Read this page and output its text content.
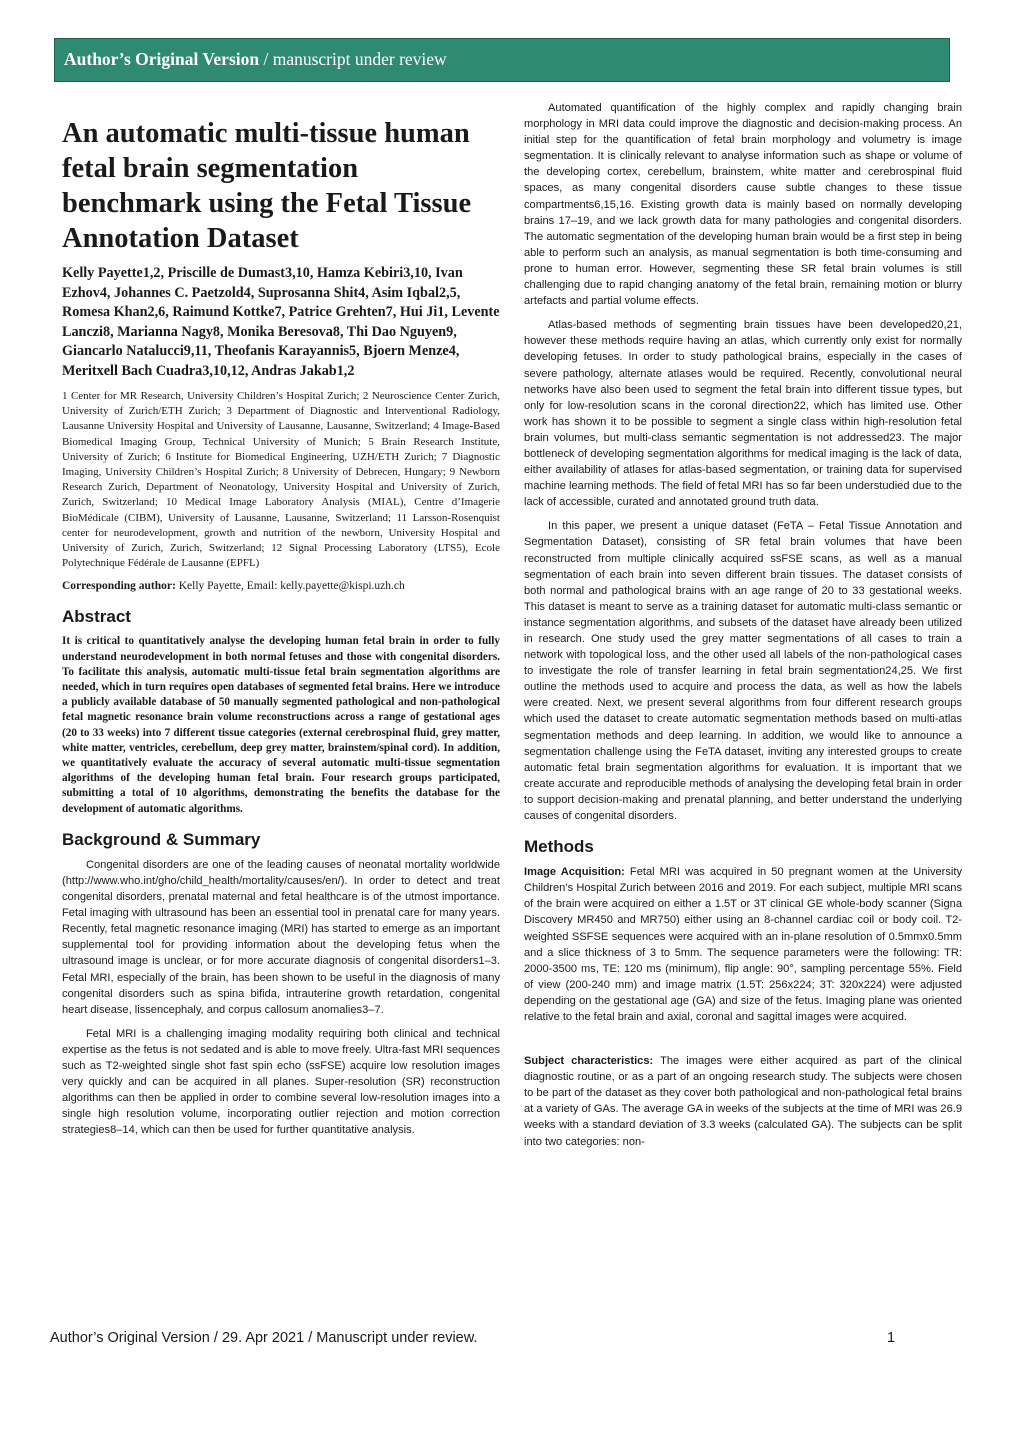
Author’s Original Version / manuscript under review
An automatic multi-tissue human fetal brain segmentation benchmark using the Fetal Tissue Annotation Dataset
Kelly Payette1,2, Priscille de Dumast3,10, Hamza Kebiri3,10, Ivan Ezhov4, Johannes C. Paetzold4, Suprosanna Shit4, Asim Iqbal2,5, Romesa Khan2,6, Raimund Kottke7, Patrice Grehten7, Hui Ji1, Levente Lanczi8, Marianna Nagy8, Monika Beresova8, Thi Dao Nguyen9, Giancarlo Natalucci9,11, Theofanis Karayannis5, Bjoern Menze4, Meritxell Bach Cuadra3,10,12, Andras Jakab1,2
1 Center for MR Research, University Children’s Hospital Zurich; 2 Neuroscience Center Zurich, University of Zurich/ETH Zurich; 3 Department of Diagnostic and Interventional Radiology, Lausanne University Hospital and University of Lausanne, Lausanne, Switzerland; 4 Image-Based Biomedical Imaging Group, Technical University of Munich; 5 Brain Research Institute, University of Zurich; 6 Institute for Biomedical Engineering, UZH/ETH Zurich; 7 Diagnostic Imaging, University Children’s Hospital Zurich; 8 University of Debrecen, Hungary; 9 Newborn Research Zurich, Department of Neonatology, University Hospital and University of Zurich, Zurich, Switzerland; 10 Medical Image Laboratory Analysis (MIAL), Centre d’Imagerie BioMédicale (CIBM), University of Lausanne, Lausanne, Switzerland; 11 Larsson-Rosenquist center for neurodevelopment, growth and nutrition of the newborn, University Hospital and University of Zurich, Zurich, Switzerland; 12 Signal Processing Laboratory (LTS5), Ecole Polytechnique Fédérale de Lausanne (EPFL)
Corresponding author: Kelly Payette, Email: kelly.payette@kispi.uzh.ch
Abstract
It is critical to quantitatively analyse the developing human fetal brain in order to fully understand neurodevelopment in both normal fetuses and those with congenital disorders. To facilitate this analysis, automatic multi-tissue fetal brain segmentation algorithms are needed, which in turn requires open databases of segmented fetal brains. Here we introduce a publicly available database of 50 manually segmented pathological and non-pathological fetal magnetic resonance brain volume reconstructions across a range of gestational ages (20 to 33 weeks) into 7 different tissue categories (external cerebrospinal fluid, grey matter, white matter, ventricles, cerebellum, deep grey matter, brainstem/spinal cord). In addition, we quantitatively evaluate the accuracy of several automatic multi-tissue segmentation algorithms of the developing human fetal brain. Four research groups participated, submitting a total of 10 algorithms, demonstrating the benefits the database for the development of automatic algorithms.
Background & Summary

Congenital disorders are one of the leading causes of neonatal mortality worldwide (http://www.who.int/gho/child_health/mortality/causes/en/). In order to detect and treat congenital disorders, prenatal maternal and fetal healthcare is of the utmost importance. Fetal imaging with ultrasound has been an essential tool in prenatal care for many years. Recently, fetal magnetic resonance imaging (MRI) has started to emerge as an important supplemental tool for providing information about the developing fetus when the ultrasound image is unclear, or for more accurate diagnosis of congenital disorders1–3. Fetal MRI, especially of the brain, has been shown to be useful in the diagnosis of many congenital disorders such as spina bifida, intrauterine growth retardation, congenital heart disease, lissencephaly, and corpus callosum anomalies3–7.

Fetal MRI is a challenging imaging modality requiring both clinical and technical expertise as the fetus is not sedated and is able to move freely. Ultra-fast MRI sequences such as T2-weighted single shot fast spin echo (ssFSE) acquire low resolution images very quickly and can be acquired in all planes. Super-resolution (SR) reconstruction algorithms can then be applied in order to combine several low-resolution images into a single high resolution volume, incorporating outlier rejection and motion correction strategies8–14, which can then be used for further quantitative analysis.

Automated quantification of the highly complex and rapidly changing brain morphology in MRI data could improve the diagnostic and decision-making process. An initial step for the quantification of fetal brain morphology and volumetry is image segmentation. It is clinically relevant to analyse information such as shape or volume of the developing cortex, cerebellum, brainstem, white matter and cerebrospinal fluid spaces, as many congenital disorders cause subtle changes to these tissue compartments6,15,16. Existing growth data is mainly based on normally developing brains 17–19, and we lack growth data for many pathologies and congenital disorders. The automatic segmentation of the developing human brain would be a first step in being able to perform such an analysis, as manual segmentation is both time-consuming and prone to human error. However, segmenting these SR fetal brain volumes is still challenging due to rapid changing anatomy of the fetal brain, remaining motion or blurry artefacts and partial volume effects.

Atlas-based methods of segmenting brain tissues have been developed20,21, however these methods require having an atlas, which currently only exist for normally developing fetuses. In order to study pathological brains, especially in the cases of severe pathology, alternate atlases would be required. Recently, convolutional neural networks have also been used to segment the fetal brain into different tissue types, but only for low-resolution scans in the coronal direction22, which has limited use. Other work has shown it to be possible to segment a single class within high-resolution fetal brain volumes, but multi-class semantic segmentation is not addressed23. The major bottleneck of developing segmentation algorithms for medical imaging is the lack of data, either availability of atlases for atlas-based segmentation, or training data for supervised machine learning methods. The field of fetal MRI has so far been understudied due to the lack of accessible, curated and annotated ground truth data.

In this paper, we present a unique dataset (FeTA – Fetal Tissue Annotation and Segmentation Dataset), consisting of SR fetal brain volumes that have been reconstructed from multiple clinically acquired ssFSE scans, as well as a manual segmentation of each brain into seven different brain tissues. The dataset consists of both normal and pathological brains with an age range of 20 to 33 gestational weeks. This dataset is meant to serve as a training dataset for automatic multi-class semantic or instance segmentation algorithms, and subsets of the dataset have already been utilized in research. One study used the grey matter segmentations of all cases to train a network with topological loss, and the other used all labels of the non-pathological cases to investigate the role of transfer learning in fetal brain segmentation24,25. We first outline the methods used to acquire and process the data, as well as how the labels were created. Next, we present several algorithms from four different research groups which used the dataset to create automatic segmentation methods based on multi-atlas segmentation methods and deep learning. In addition, we would like to announce a segmentation challenge using the FeTA dataset, inviting any interested groups to create automatic fetal brain segmentation algorithms for evaluation. It is important that we create accurate and reproducible methods of analysing the developing fetal brain in order to support decision-making and prenatal planning, and better understand the underlying causes of congenital disorders.

Methods

Image Acquisition: Fetal MRI was acquired in 50 pregnant women at the University Children’s Hospital Zurich between 2016 and 2019. For each subject, multiple MRI scans of the brain were acquired on either a 1.5T or 3T clinical GE whole-body scanner (Signa Discovery MR450 and MR750) either using an 8-channel cardiac coil or body coil. T2-weighted SSFSE sequences were acquired with an in-plane resolution of 0.5mmx0.5mm and a slice thickness of 3 to 5mm. The sequence parameters were the following: TR: 2000-3500 ms, TE: 120 ms (minimum), flip angle: 90°, sampling percentage 55%. Field of view (200-240 mm) and image matrix (1.5T: 256x224; 3T: 320x224) were adjusted depending on the gestational age (GA) and size of the fetus. Imaging plane was oriented relative to the fetal brain and axial, coronal and sagittal images were acquired.

Subject characteristics: The images were either acquired as part of the clinical diagnostic routine, or as a part of an ongoing research study. The subjects were chosen to be part of the dataset as they cover both pathological and non-pathological fetal brains at a variety of GAs. The average GA in weeks of the subjects at the time of MRI was 26.9 weeks with a standard deviation of 3.3 weeks (calculated GA). The subjects can be split into two categories: non-

Author’s Original Version / 29. Apr 2021 / Manuscript under review.	1
